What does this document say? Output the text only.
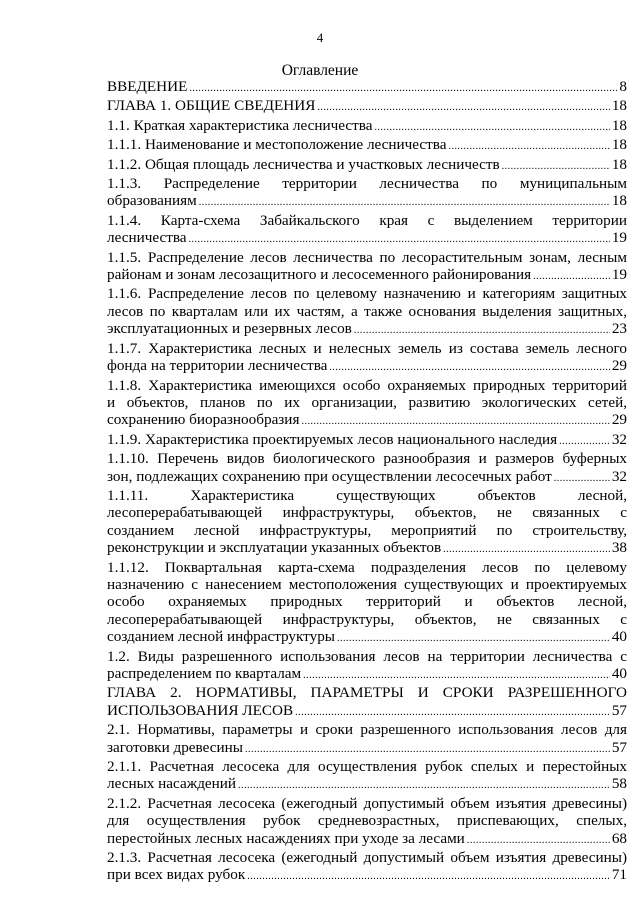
4
Оглавление
ВВЕДЕНИЕ .....	8
ГЛАВА 1. ОБЩИЕ СВЕДЕНИЯ .....	18
1.1. Краткая характеристика лесничества .....	18
1.1.1. Наименование и местоположение лесничества .....	18
1.1.2. Общая площадь лесничества и участковых лесничеств .....	18
1.1.3. Распределение территории лесничества по муниципальным
образованиям .....	18
1.1.4. Карта-схема Забайкальского края с выделением территории
лесничества .....	19
1.1.5. Распределение лесов лесничества по лесорастительным зонам, лесным
районам и зонам лесозащитного и лесосеменного районирования .....	19
1.1.6. Распределение лесов по целевому назначению и категориям защитных
лесов по кварталам или их частям, а также основания выделения защитных,
эксплуатационных и резервных лесов .....	23
1.1.7. Характеристика лесных и нелесных земель из состава земель лесного
фонда на территории лесничества .....	29
1.1.8. Характеристика имеющихся особо охраняемых природных территорий
и объектов, планов по их организации, развитию экологических сетей,
сохранению биоразнообразия .....	29
1.1.9. Характеристика проектируемых лесов национального наследия .....	32
1.1.10. Перечень видов биологического разнообразия и размеров буферных
зон, подлежащих сохранению при осуществлении лесосечных работ .....	32
1.1.11. Характеристика существующих объектов лесной,
лесоперерабатывающей инфраструктуры, объектов, не связанных с
созданием лесной инфраструктуры, мероприятий по строительству,
реконструкции и эксплуатации указанных объектов .....	38
1.1.12. Поквартальная карта-схема подразделения лесов по целевому
назначению с нанесением местоположения существующих и проектируемых
особо охраняемых природных территорий и объектов лесной,
лесоперерабатывающей инфраструктуры, объектов, не связанных с
созданием лесной инфраструктуры .....	40
1.2. Виды разрешенного использования лесов на территории лесничества с
распределением по кварталам .....	40
ГЛАВА 2. НОРМАТИВЫ, ПАРАМЕТРЫ И СРОКИ РАЗРЕШЕННОГО
ИСПОЛЬЗОВАНИЯ ЛЕСОВ .....	57
2.1. Нормативы, параметры и сроки разрешенного использования лесов для
заготовки древесины .....	57
2.1.1. Расчетная лесосека для осуществления рубок спелых и перестойных
лесных насаждений .....	58
2.1.2. Расчетная лесосека (ежегодный допустимый объем изъятия древесины)
для осуществления рубок средневозрастных, приспевающих, спелых,
перестойных лесных насаждениях при уходе за лесами .....	68
2.1.3. Расчетная лесосека (ежегодный допустимый объем изъятия древесины)
при всех видах рубок .....	71
